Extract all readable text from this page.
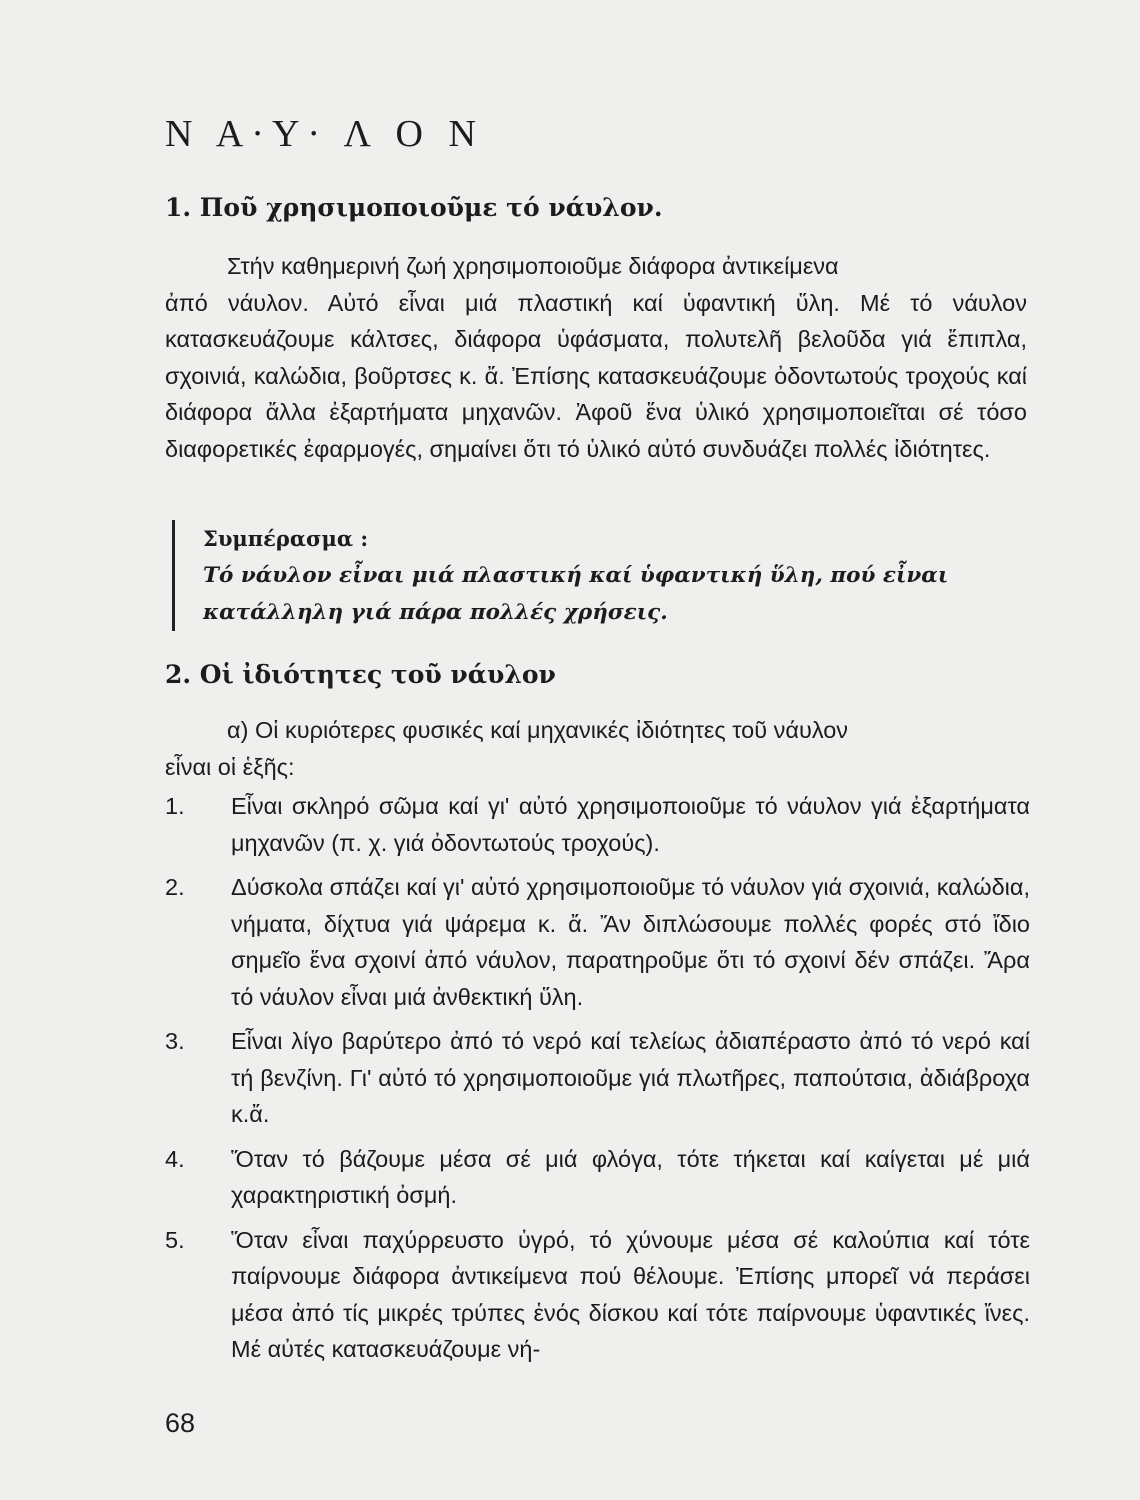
Ν Α·Υ· Λ Ο Ν
1. Ποῦ χρησιμοποιοῦμε τό νάυλον.

Στήν καθημερινή ζωή χρησιμοποιοῦμε διάφορα ἀντικείμενα
ἀπό νάυλον. Αὐτό εἶναι μιά πλαστική καί ὑφαντική ὕλη. Μέ τό νάυλον κατασκευάζουμε κάλτσες, διάφορα ὑφάσματα, πολυτελῆ βελοῦδα γιά ἔπιπλα, σχοινιά, καλώδια, βοῦρτσες κ. ἄ. Ἐπίσης κατασκευάζουμε ὀδοντωτούς τροχούς καί διάφορα ἄλλα ἐξαρτήματα μηχανῶν. Ἀφοῦ ἕνα ὑλικό χρησιμοποιεῖται σέ τόσο διαφορετικές ἐφαρμογές, σημαίνει ὅτι τό ὑλικό αὐτό συνδυάζει πολλές ἰδιότητες.

Συμπέρασμα :
Τό νάυλον εἶναι μιά πλαστική καί ὑφαντική ὕλη, πού εἶναι κατάλληλη γιά πάρα πολλές χρήσεις.
2. Οἱ ἰδιότητες τοῦ νάυλον

α) Οἱ κυριότερες φυσικές καί μηχανικές ἰδιότητες τοῦ νάυλον
εἶναι οἱ ἑξῆς:

1. Εἶναι σκληρό σῶμα καί γι' αὐτό χρησιμοποιοῦμε τό νάυλον γιά ἐξαρτήματα μηχανῶν (π. χ. γιά ὀδοντωτούς τροχούς).
2. Δύσκολα σπάζει καί γι' αὐτό χρησιμοποιοῦμε τό νάυλον γιά σχοινιά, καλώδια, νήματα, δίχτυα γιά ψάρεμα κ. ἄ. Ἄν διπλώσουμε πολλές φορές στό ἴδιο σημεῖο ἕνα σχοινί ἀπό νάυλον, παρατηροῦμε ὅτι τό σχοινί δέν σπάζει. Ἄρα τό νάυλον εἶναι μιά ἀνθεκτική ὕλη.
3. Εἶναι λίγο βαρύτερο ἀπό τό νερό καί τελείως ἀδιαπέραστο ἀπό τό νερό καί τή βενζίνη. Γι' αὐτό τό χρησιμοποιοῦμε γιά πλωτῆρες, παπούτσια, ἀδιάβροχα κ.ἄ.
4. Ὅταν τό βάζουμε μέσα σέ μιά φλόγα, τότε τήκεται καί καίγεται μέ μιά χαρακτηριστική ὀσμή.
5. Ὅταν εἶναι παχύρρευστο ὑγρό, τό χύνουμε μέσα σέ καλούπια καί τότε παίρνουμε διάφορα ἀντικείμενα πού θέλουμε. Ἐπίσης μπορεῖ νά περάσει μέσα ἀπό τίς μικρές τρύπες ἑνός δίσκου καί τότε παίρνουμε ὑφαντικές ἴνες. Μέ αὐτές κατασκευάζουμε νή-
68
